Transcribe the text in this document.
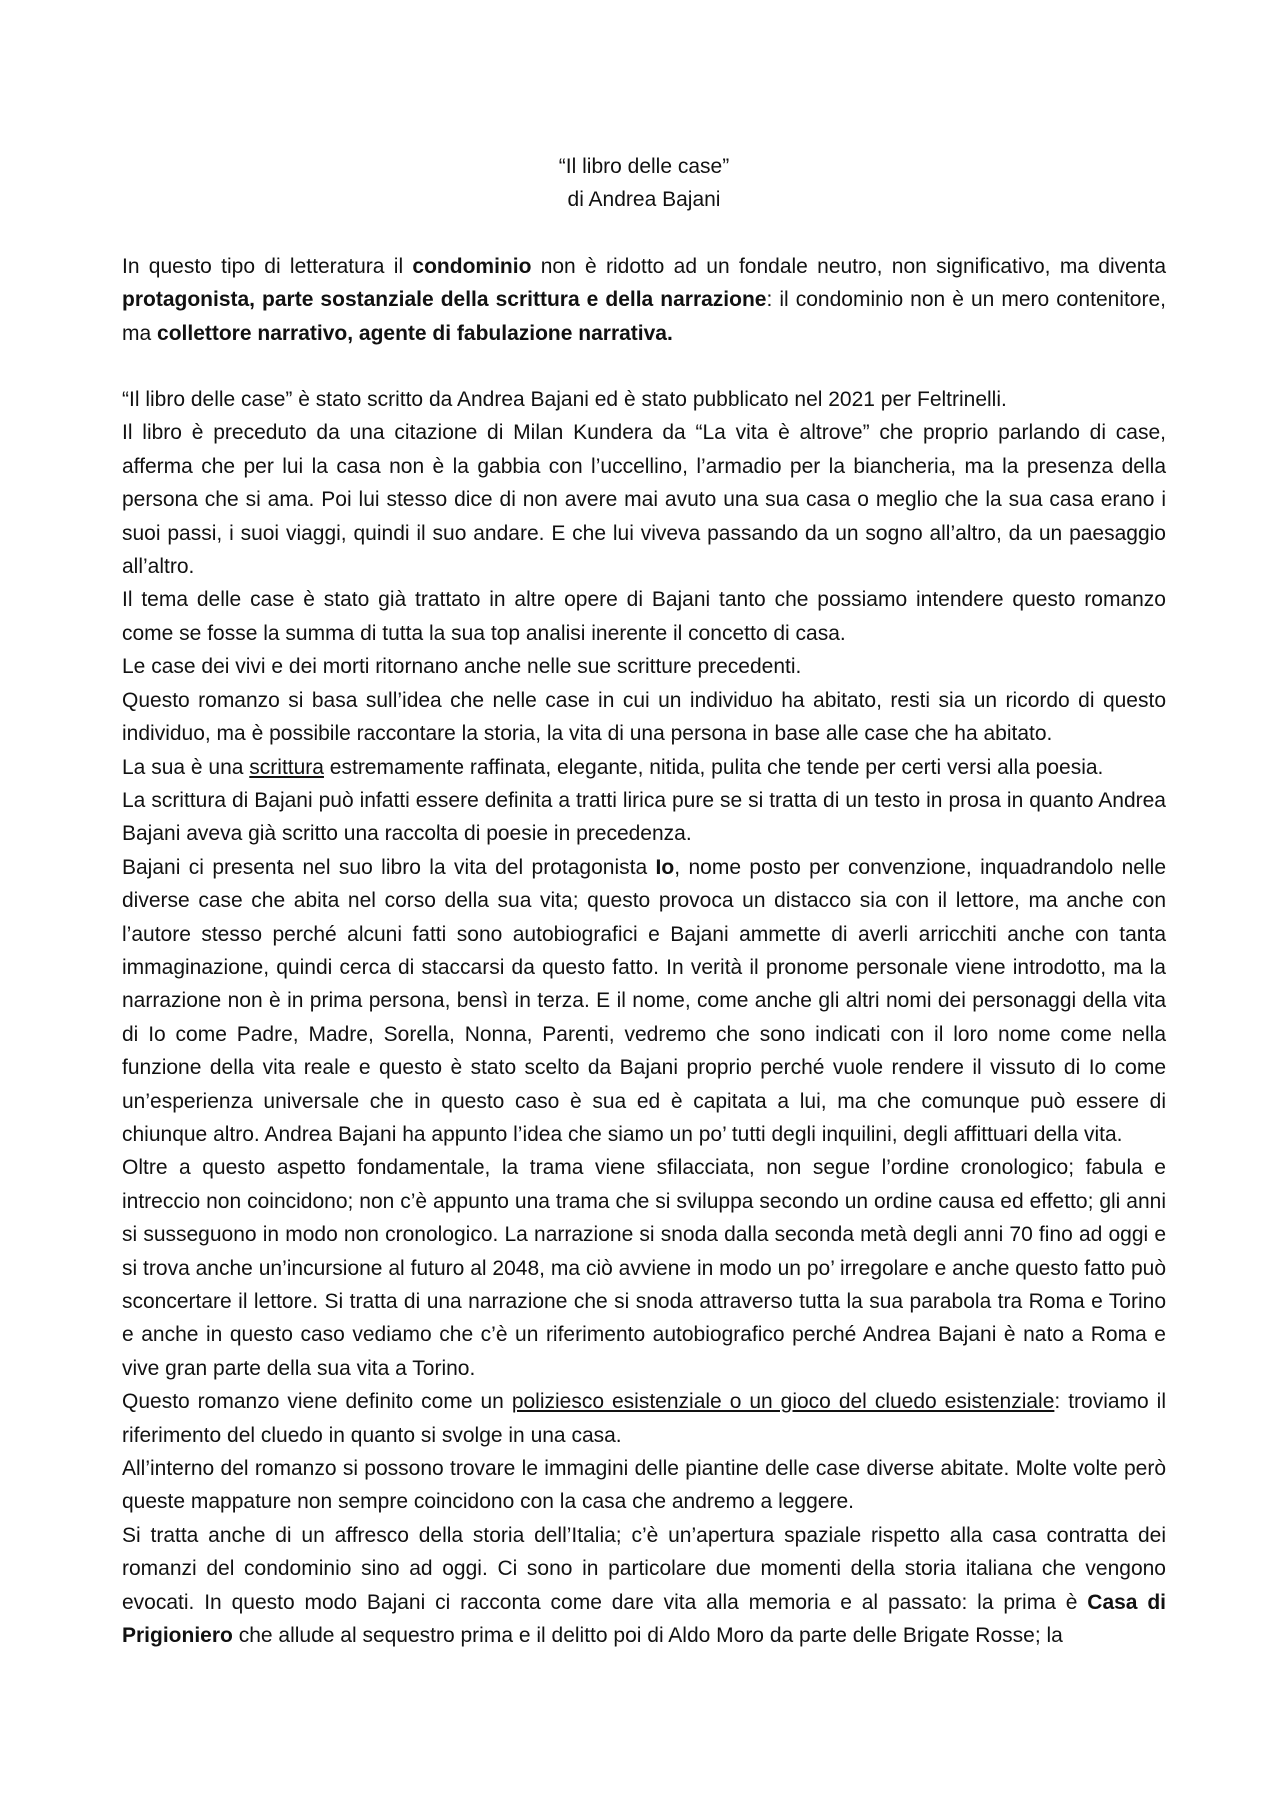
“Il libro delle case”

di Andrea Bajani

In questo tipo di letteratura il condominio non è ridotto ad un fondale neutro, non significativo, ma diventa protagonista, parte sostanziale della scrittura e della narrazione: il condominio non è un mero contenitore, ma collettore narrativo, agente di fabulazione narrativa.

“Il libro delle case” è stato scritto da Andrea Bajani ed è stato pubblicato nel 2021 per Feltrinelli.

Il libro è preceduto da una citazione di Milan Kundera da “La vita è altrove” che proprio parlando di case, afferma che per lui la casa non è la gabbia con l’uccellino, l’armadio per la biancheria, ma la presenza della persona che si ama. Poi lui stesso dice di non avere mai avuto una sua casa o meglio che la sua casa erano i suoi passi, i suoi viaggi, quindi il suo andare. E che lui viveva passando da un sogno all’altro, da un paesaggio all’altro.

Il tema delle case è stato già trattato in altre opere di Bajani tanto che possiamo intendere questo romanzo come se fosse la summa di tutta la sua top analisi inerente il concetto di casa.

Le case dei vivi e dei morti ritornano anche nelle sue scritture precedenti.

Questo romanzo si basa sull’idea che nelle case in cui un individuo ha abitato, resti sia un ricordo di questo individuo, ma è possibile raccontare la storia, la vita di una persona in base alle case che ha abitato.

La sua è una scrittura estremamente raffinata, elegante, nitida, pulita che tende per certi versi alla poesia.

La scrittura di Bajani può infatti essere definita a tratti lirica pure se si tratta di un testo in prosa in quanto Andrea Bajani aveva già scritto una raccolta di poesie in precedenza.

Bajani ci presenta nel suo libro la vita del protagonista Io, nome posto per convenzione, inquadrandolo nelle diverse case che abita nel corso della sua vita; questo provoca un distacco sia con il lettore, ma anche con l’autore stesso perché alcuni fatti sono autobiografici e Bajani ammette di averli arricchiti anche con tanta immaginazione, quindi cerca di staccarsi da questo fatto. In verità il pronome personale viene introdotto, ma la narrazione non è in prima persona, bensì in terza. E il nome, come anche gli altri nomi dei personaggi della vita di Io come Padre, Madre, Sorella, Nonna, Parenti, vedremo che sono indicati con il loro nome come nella funzione della vita reale e questo è stato scelto da Bajani proprio perché vuole rendere il vissuto di Io come un’esperienza universale che in questo caso è sua ed è capitata a lui, ma che comunque può essere di chiunque altro. Andrea Bajani ha appunto l’idea che siamo un po’ tutti degli inquilini, degli affittuari della vita.

Oltre a questo aspetto fondamentale, la trama viene sfilacciata, non segue l’ordine cronologico; fabula e intreccio non coincidono; non c’è appunto una trama che si sviluppa secondo un ordine causa ed effetto; gli anni si susseguono in modo non cronologico. La narrazione si snoda dalla seconda metà degli anni 70 fino ad oggi e si trova anche un’incursione al futuro al 2048, ma ciò avviene in modo un po’ irregolare e anche questo fatto può sconcertare il lettore. Si tratta di una narrazione che si snoda attraverso tutta la sua parabola tra Roma e Torino e anche in questo caso vediamo che c’è un riferimento autobiografico perché Andrea Bajani è nato a Roma e vive gran parte della sua vita a Torino.

Questo romanzo viene definito come un poliziesco esistenziale o un gioco del cluedo esistenziale: troviamo il riferimento del cluedo in quanto si svolge in una casa.

All’interno del romanzo si possono trovare le immagini delle piantine delle case diverse abitate. Molte volte però queste mappature non sempre coincidono con la casa che andremo a leggere.

Si tratta anche di un affresco della storia dell’Italia; c’è un’apertura spaziale rispetto alla casa contratta dei romanzi del condominio sino ad oggi. Ci sono in particolare due momenti della storia italiana che vengono evocati. In questo modo Bajani ci racconta come dare vita alla memoria e al passato: la prima è Casa di Prigioniero che allude al sequestro prima e il delitto poi di Aldo Moro da parte delle Brigate Rosse; la
